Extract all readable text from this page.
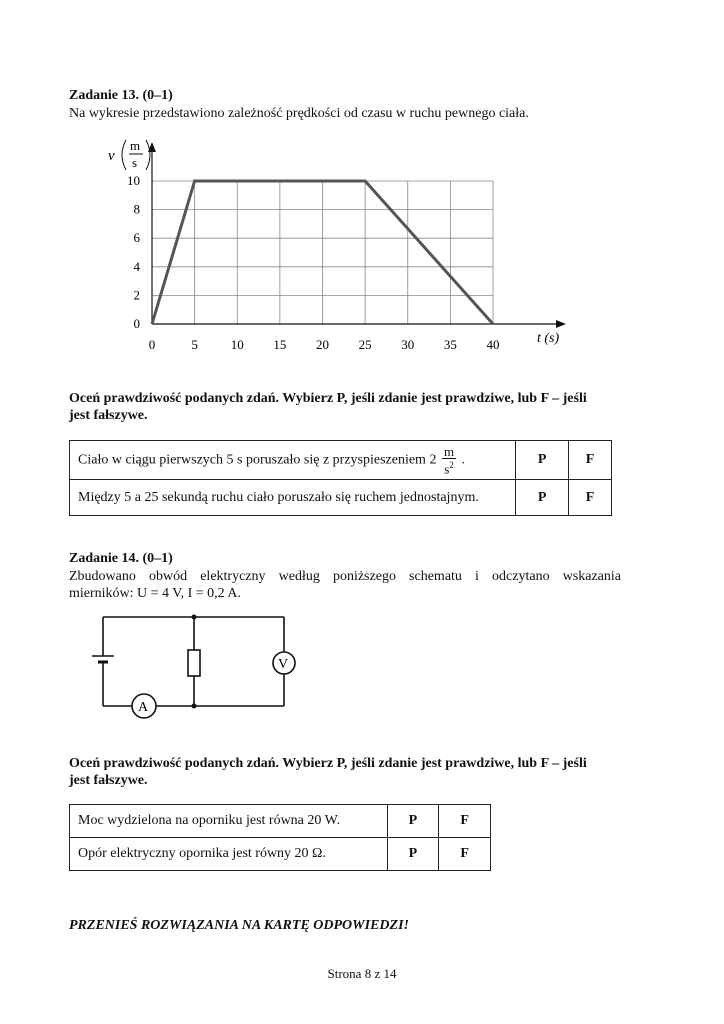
Zadanie 13. (0–1)
Na wykresie przedstawiono zależność prędkości od czasu w ruchu pewnego ciała.
0	5	10 15 20 25 30 35 40
0
2
4
6
8
10
v
m
s
t (s)
Oceń prawdziwość podanych zdań. Wybierz P, jeśli zdanie jest prawdziwe, lub F – jeśli
jest fałszywe.
Ciało w ciągu pierwszych 5 s poruszało się z przyspieszeniem $2 \frac{m}{s^2}$ .	P	F
Między 5 a 25 sekundą ruchu ciało poruszało się ruchem jednostajnym.	P	F
Zadanie 14. (0–1)
Zbudowano obwód elektryczny według poniższego schematu i odczytano wskazania
mierników: U = 4 V, I = 0,2 A.
V
A
Oceń prawdziwość podanych zdań. Wybierz P, jeśli zdanie jest prawdziwe, lub F – jeśli
jest fałszywe.
Moc wydzielona na oporniku jest równa 20 W.	P	F
Opór elektryczny opornika jest równy 20 Ω.	P	F
PRZENIEŚ ROZWIĄZANIA NA KARTĘ ODPOWIEDZI!
Strona 8 z 14
